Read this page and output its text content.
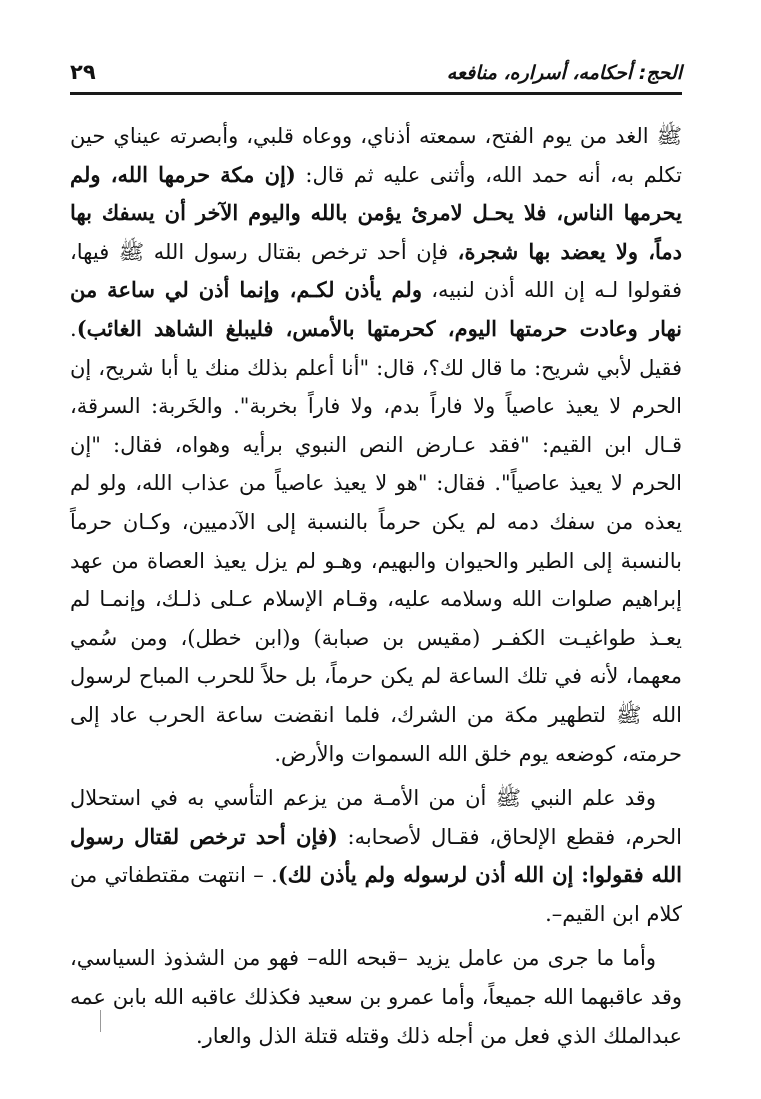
الحج: أحكامه، أسراره، منافعه
٢٩

ﷺ الغد من يوم الفتح، سمعته أذناي، ووعاه قلبي، وأبصرته عيناي حين تكلم به، أنه حمد الله، وأثنى عليه ثم قال: (إن مكة حرمها الله، ولم يحرمها الناس، فلا يحـل لامرئ يؤمن بالله واليوم الآخر أن يسفك بها دماً، ولا يعضد بها شجرة، فإن أحد ترخص بقتال رسول الله ﷺ فيها، فقولوا لـه إن الله أذن لنبيه، ولم يأذن لكـم، وإنما أذن لي ساعة من نهار وعادت حرمتها اليوم، كحرمتها بالأمس، فليبلغ الشاهد الغائب). فقيل لأبي شريح: ما قال لك؟، قال: "أنا أعلم بذلك منك يا أبا شريح، إن الحرم لا يعيذ عاصياً ولا فاراً بدم، ولا فاراً بخربة". والخَربة: السرقة، قـال ابن القيم: "فقد عـارض النص النبوي برأيه وهواه، فقال: "إن الحرم لا يعيذ عاصياً". فقال: "هو لا يعيذ عاصياً من عذاب الله، ولو لم يعذه من سفك دمه لم يكن حرماً بالنسبة إلى الآدميين، وكـان حرماً بالنسبة إلى الطير والحيوان والبهيم، وهـو لم يزل يعيذ العصاة من عهد إبراهيم صلوات الله وسلامه عليه، وقـام الإسلام عـلى ذلـك، وإنمـا لم يعـذ طواغيـت الكفـر (مقيس بن صبابة) و(ابن خطل)، ومن سُمي معهما، لأنه في تلك الساعة لم يكن حرماً، بل حلاً للحرب المباح لرسول الله ﷺ لتطهير مكة من الشرك، فلما انقضت ساعة الحرب عاد إلى حرمته، كوضعه يوم خلق الله السموات والأرض.

وقد علم النبي ﷺ أن من الأمـة من يزعم التأسي به في استحلال الحرم، فقطع الإلحاق، فقـال لأصحابه: (فإن أحد ترخص لقتال رسول الله فقولوا: إن الله أذن لرسوله ولم يأذن لك). – انتهت مقتطفاتي من كلام ابن القيم–.

وأما ما جرى من عامل يزيد –قبحه الله– فهو من الشذوذ السياسي، وقد عاقبهما الله جميعاً، وأما عمرو بن سعيد فكذلك عاقبه الله بابن عمه عبدالملك الذي فعل من أجله ذلك وقتله قتلة الذل والعار.
